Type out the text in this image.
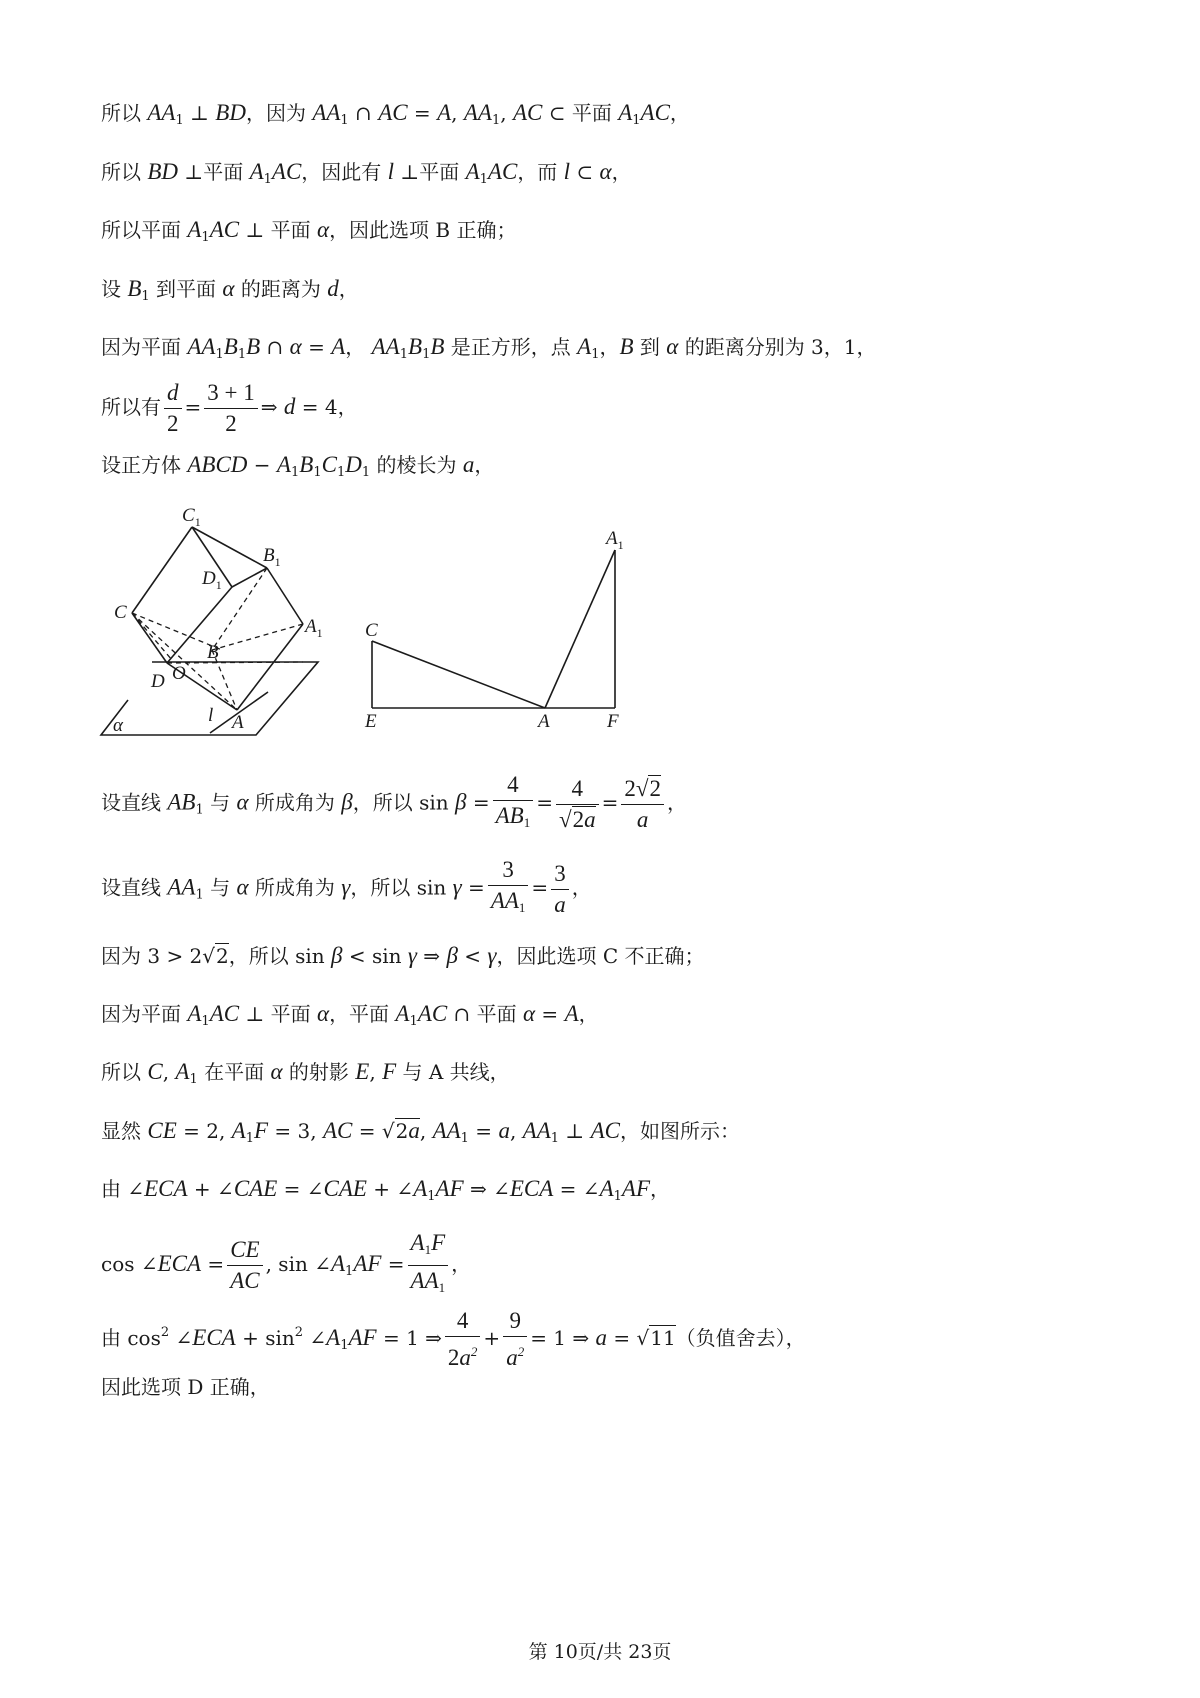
所以 $AA_1$ ⊥ BD，因为 $AA_1$ ∩ AC = A, $AA_1$, AC ⊂ 平面 $A_1AC$，
所以 BD ⊥平面 $A_1AC$，因此有 l ⊥平面 $A_1AC$，而 l ⊂ α，
所以平面 $A_1AC$ ⊥ 平面 α，因此选项 B 正确；
设 $B_1$ 到平面 α 的距离为 d，
因为平面 $AA_1B_1B$ ∩ α = A， $AA_1B_1B$ 是正方形，点 $A_1$，B 到 α 的距离分别为 3，1，
所以有 $\frac{d}{2} = \frac{3 + 1}{2}$ ⇒ d = 4，
设正方体 ABCD − $A_1B_1C_1D_1$ 的棱长为 a，
$C_1$
$B_1$
$D_1$
C
$A_1$
B
O
D
l A
α
$A_1$
C
E	A	F
设直线 $AB_1$ 与 α 所成角为 β，所以 $\sin \beta = \frac{4}{AB_1} = \frac{4}{√2a} = \frac{2√2}{a}$ ，
设直线 $AA_1$ 与 α 所成角为 γ，所以 $\sin \gamma = \frac{3}{AA_1} = \frac{3}{a}$ ，
因为 3 > 2√2，所以 sin β < sin γ ⇒ β < γ，因此选项 C 不正确；
因为平面 $A_1AC$ ⊥ 平面 α，平面 $A_1AC$ ∩ 平面 α = A，
所以 C, $A_1$ 在平面 α 的射影 E, F 与 A 共线，
显然 CE = 2, $A_1F = 3$, AC = √2a, $AA_1 = a$, $AA_1$ ⊥ AC，如图所示：
由 ∠ECA + ∠CAE = ∠CAE + $\angle A_1AF$ ⇒ ∠ECA = $\angle A_1AF$，
cos ∠ECA = $\frac{CE}{AC}$ , $\sin \angle A_1AF = \frac{A_1F}{AA_1}$ ，
由 $\cos^2$ ∠ECA + $\sin^2$ $\angle A_1AF = 1$ ⇒ $\frac{4}{2a^2} + \frac{9}{a^2} = 1$ ⇒ a = √11（负值舍去），
因此选项 D 正确，
第 10页/共 23页
